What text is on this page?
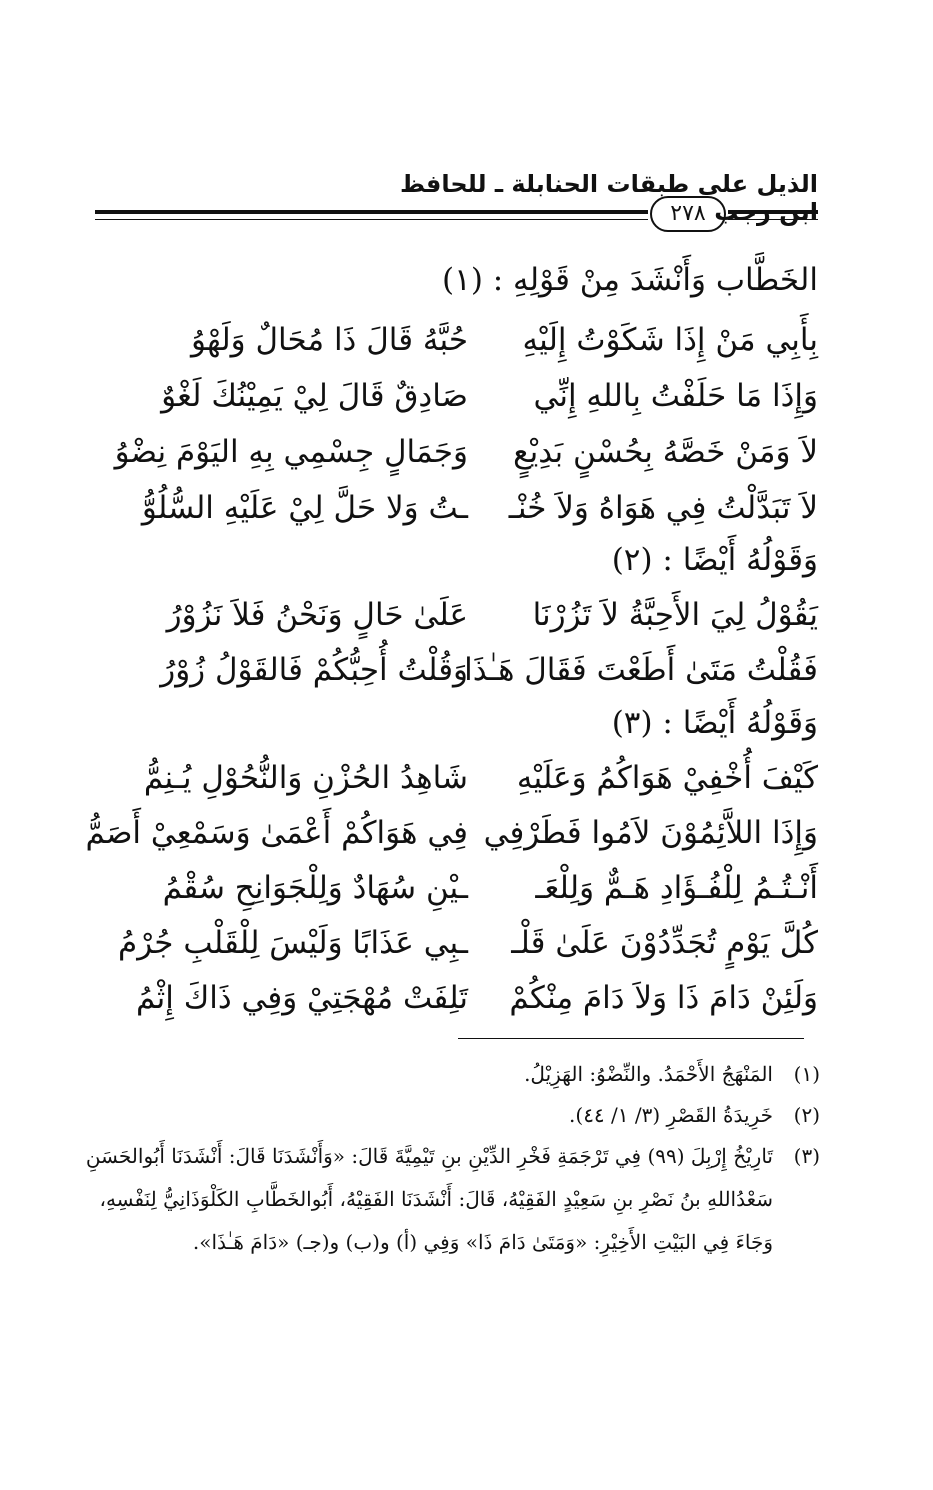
الذيل على طبقات الحنابلة ـ للحافظ ابن رجب
٢٧٨
الخَطَّاب وَأَنْشَدَ مِنْ قَوْلِهِ : (١)
بِأَبِي مَنْ إِذَا شَكَوْتُ إِلَيْهِ
حُبَّهُ قَالَ ذَا مُحَالٌ وَلَهْوُ
وَإِذَا مَا حَلَفْتُ بِاللهِ إِنِّي
صَادِقٌ قَالَ لِيْ يَمِيْنُكَ لَغْوٌ
لاَ وَمَنْ خَصَّهُ بِحُسْنٍ بَدِيْعٍ
وَجَمَالٍ جِسْمِي بِهِ اليَوْمَ نِضْوُ
لاَ تَبَدَّلْتُ فِي هَوَاهُ وَلاَ خُنْـ
ـتُ وَلا حَلَّ لِيْ عَلَيْهِ السُّلُوُّ
وَقَوْلُهُ أَيْضًا : (٢)
يَقُوْلُ لِيَ الأَحِبَّةُ لاَ تَزُرْنَا
عَلَىٰ حَالٍ وَنَحْنُ فَلاَ نَزُوْرُ
فَقُلْتُ مَتَىٰ أَطَعْتَ فَقَالَ هَـٰذَا
وَقُلْتُ أُحِبُّكُمْ فَالقَوْلُ زُوْرُ
وَقَوْلُهُ أَيْضًا : (٣)
كَيْفَ أُخْفِيْ هَوَاكُمُ وَعَلَيْهِ
شَاهِدُ الحُزْنِ وَالنُّحُوْلِ يُـنِمُّ
وَإِذَا اللاَّئِمُوْنَ لاَمُوا فَطَرْفِي
فِي هَوَاكُمْ أَعْمَىٰ وَسَمْعِيْ أَصَمُّ
أَنْـتُـمُ لِلْفُـؤَادِ هَـمٌّ وَلِلْعَـ
ـيْنِ سُهَادٌ وَلِلْجَوَانِحِ سُقْمُ
كُلَّ يَوْمٍ تُجَدِّدُوْنَ عَلَىٰ قَلْـ
ـبِي عَذَابًا وَلَيْسَ لِلْقَلْبِ جُرْمُ
وَلَئِنْ دَامَ ذَا وَلاَ دَامَ مِنْكُمْ
تَلِفَتْ مُهْجَتِيْ وَفِي ذَاكَ إِثْمُ
(١)
المَنْهَجُ الأَحْمَدُ. والنِّضْوُ: الهَزِيْلُ.
(٢)
خَرِيدَةُ القَصْرِ (٣/ ١/ ٤٤).
(٣)
تَارِيْخُ إِرْبِلَ (٩٩) فِي تَرْجَمَةِ فَخْرِ الدِّيْنِ بنِ تَيْمِيَّةَ قَالَ: «وَأَنْشَدَنَا قَالَ: أَنْشَدَنَا أَبُوالحَسَنِ
سَعْدُاللهِ بنُ نَصْرِ بنِ سَعِيْدٍ الفَقِيْهُ، قَالَ: أَنْشَدَنَا الفَقِيْهُ، أَبُوالخَطَّابِ الكَلْوَذَانِيُّ لِنَفْسِهِ،
وَجَاءَ فِي البَيْتِ الأَخِيْرِ: «وَمَتَىٰ دَامَ ذَا» وَفِي (أ) و(ب) و(جـ) «دَامَ هَـٰذَا».
